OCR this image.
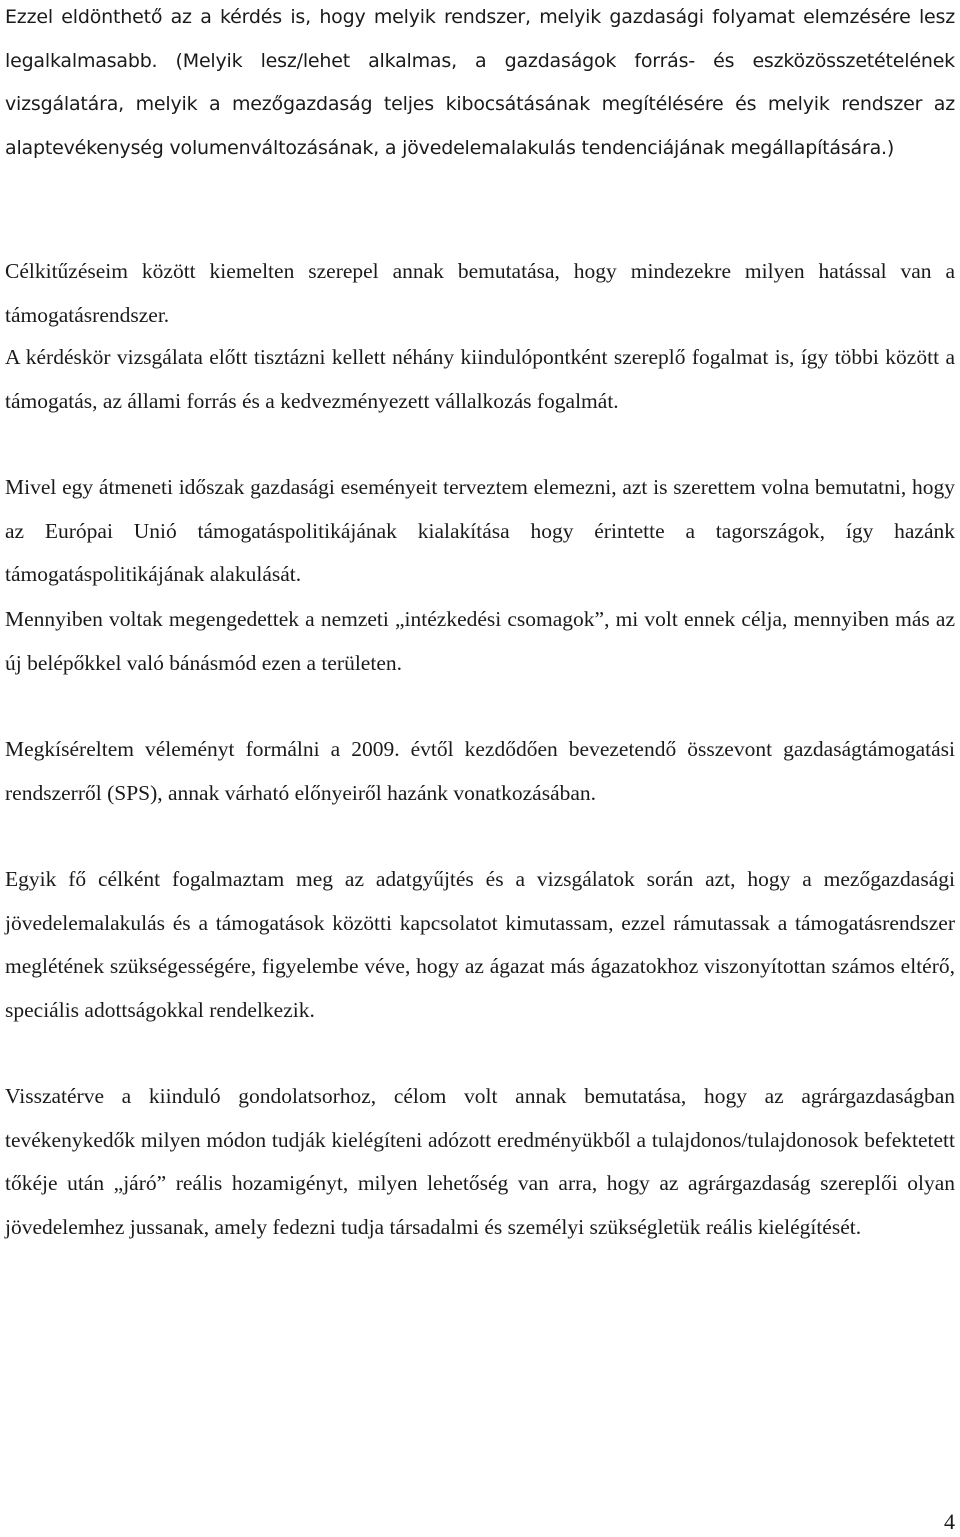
Ezzel eldönthető az a kérdés is, hogy melyik rendszer, melyik gazdasági folyamat elemzésére lesz legalkalmasabb. (Melyik lesz/lehet alkalmas, a gazdaságok forrás- és eszközösszetételének vizsgálatára, melyik a mezőgazdaság teljes kibocsátásának megítélésére és melyik rendszer az alaptevékenység volumenváltozásának, a jövedelemalakulás tendenciájának megállapítására.)

Célkitűzéseim között kiemelten szerepel annak bemutatása, hogy mindezekre milyen hatással van a támogatásrendszer.

A kérdéskör vizsgálata előtt tisztázni kellett néhány kiindulópontként szereplő fogalmat is, így többi között a támogatás, az állami forrás és a kedvezményezett vállalkozás fogalmát.

Mivel egy átmeneti időszak gazdasági eseményeit terveztem elemezni, azt is szerettem volna bemutatni, hogy az Európai Unió támogatáspolitikájának kialakítása hogy érintette a tagországok, így hazánk támogatáspolitikájának alakulását.

Mennyiben voltak megengedettek a nemzeti „intézkedési csomagok”, mi volt ennek célja, mennyiben más az új belépőkkel való bánásmód ezen a területen.

Megkíséreltem véleményt formálni a 2009. évtől kezdődően bevezetendő összevont gazdaságtámogatási rendszerről (SPS), annak várható előnyeiről hazánk vonatkozásában.

Egyik fő célként fogalmaztam meg az adatgyűjtés és a vizsgálatok során azt, hogy a mezőgazdasági jövedelemalakulás és a támogatások közötti kapcsolatot kimutassam, ezzel rámutassak a támogatásrendszer meglétének szükségességére, figyelembe véve, hogy az ágazat más ágazatokhoz viszonyítottan számos eltérő, speciális adottságokkal rendelkezik.

Visszatérve a kiinduló gondolatsorhoz, célom volt annak bemutatása, hogy az agrárgazdaságban tevékenykedők milyen módon tudják kielégíteni adózott eredményükből a tulajdonos/tulajdonosok befektetett tőkéje után „járó” reális hozamigényt, milyen lehetőség van arra, hogy az agrárgazdaság szereplői olyan jövedelemhez jussanak, amely fedezni tudja társadalmi és személyi szükségletük reális kielégítését.

4
